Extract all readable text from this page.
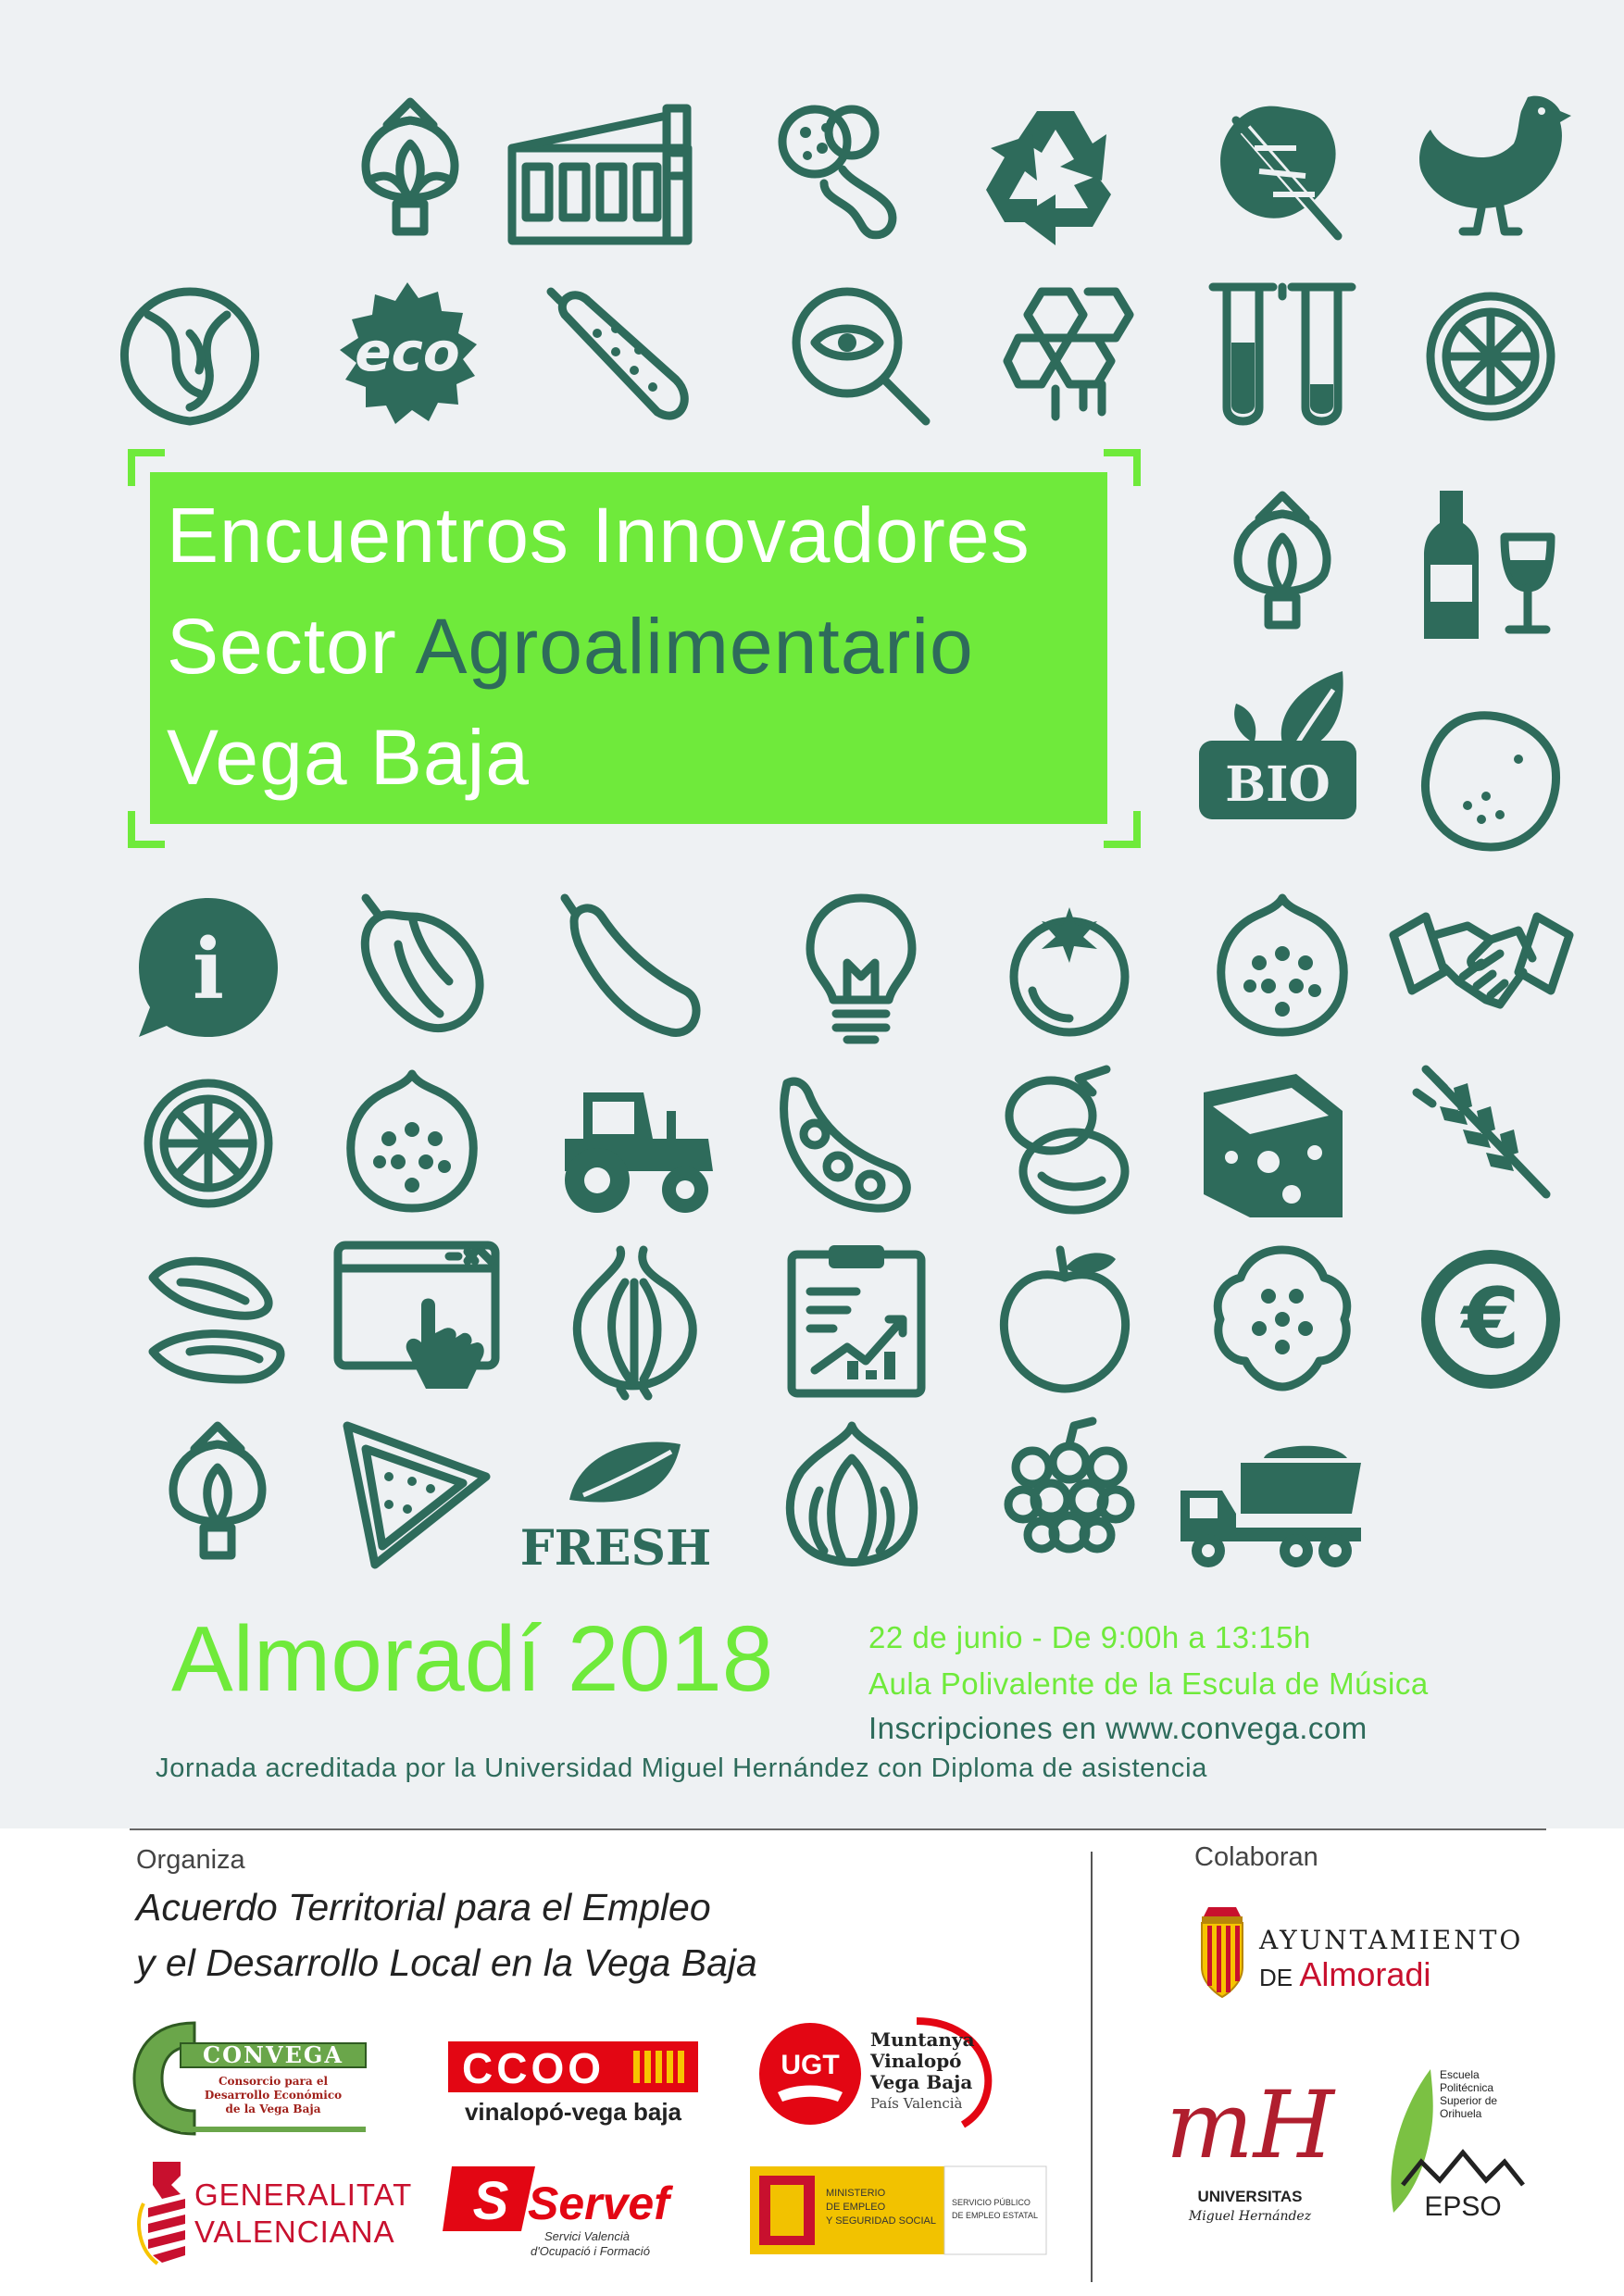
eco
BIO
i
€
FRESH
Encuentros Innovadores
Sector Agroalimentario
Vega Baja
Almoradí 2018	22 de junio - De 9:00h a 13:15h
Aula Polivalente de la Escula de Música
Inscripciones en www.convega.com
Jornada acreditada por la Universidad Miguel Hernández con Diploma de asistencia
Organiza	Colaboran
Acuerdo Territorial para el Empleo
y el Desarrollo Local en la Vega Baja
CONVEGA
Consorcio para el
Desarrollo Económico
de la Vega Baja
CCOO
vinalopó-vega baja
UGT
Muntanya
Vinalopó
Vega Baja
País Valencià
GENERALITAT
VALENCIANA
S Servef
Servici Valencià
d'Ocupació i Formació
MINISTERIO
DE EMPLEO
Y SEGURIDAD SOCIAL
SERVICIO PÚBLICO
DE EMPLEO ESTATAL
AYUNTAMIENTO
DE Almoradi
mH
UNIVERSITAS
Miguel Hernández
Escuela
Politécnica
Superior de
Orihuela
EPSO
